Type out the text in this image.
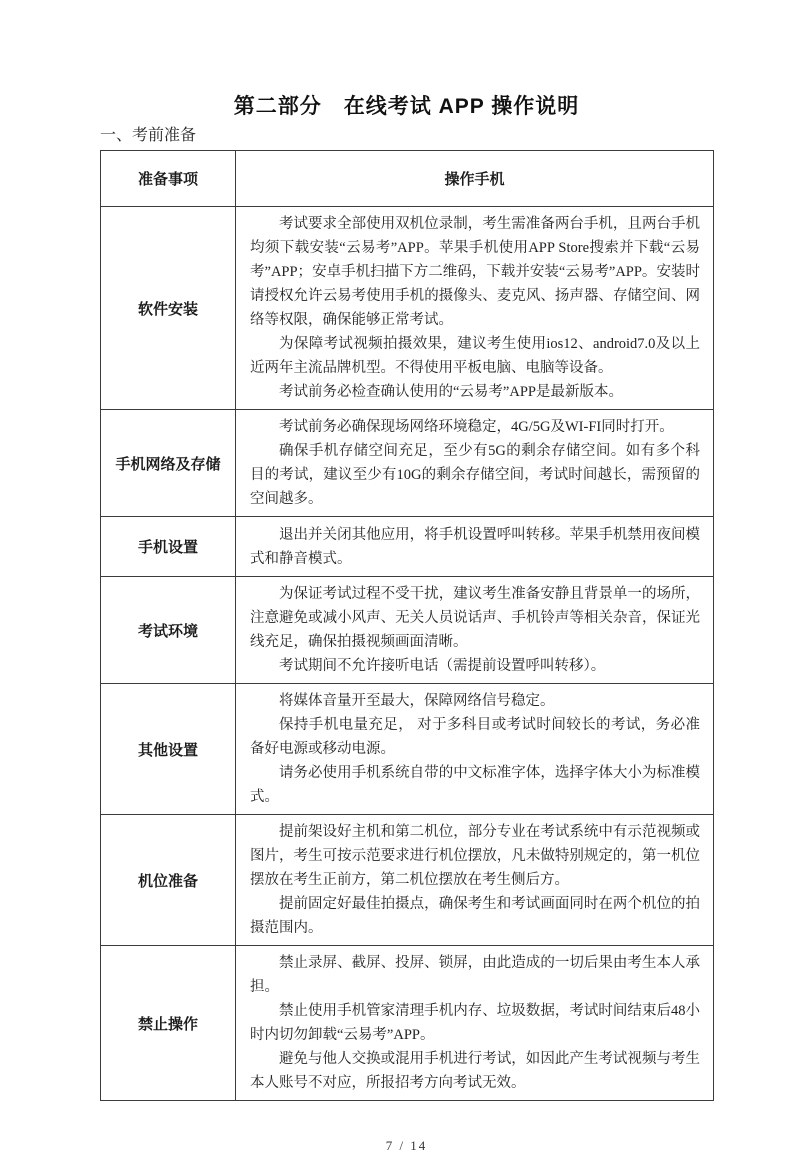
第二部分　在线考试 APP 操作说明
一、考前准备
准备事项	操作手机
软件安装	考试要求全部使用双机位录制，考生需准备两台手机，且两台手机均须下载安装“云易考”APP。苹果手机使用APP Store搜索并下载“云易考”APP；安卓手机扫描下方二维码，下载并安装“云易考”APP。安装时请授权允许云易考使用手机的摄像头、麦克风、扬声器、存储空间、网络等权限，确保能够正常考试。

为保障考试视频拍摄效果，建议考生使用ios12、android7.0及以上近两年主流品牌机型。不得使用平板电脑、电脑等设备。

考试前务必检查确认使用的“云易考”APP是最新版本。

手机网络及存储	考试前务必确保现场网络环境稳定，4G/5G及WI-FI同时打开。

确保手机存储空间充足，至少有5G的剩余存储空间。如有多个科目的考试，建议至少有10G的剩余存储空间，考试时间越长，需预留的空间越多。

手机设置	退出并关闭其他应用，将手机设置呼叫转移。苹果手机禁用夜间模式和静音模式。

考试环境	为保证考试过程不受干扰，建议考生准备安静且背景单一的场所，注意避免或减小风声、无关人员说话声、手机铃声等相关杂音，保证光线充足，确保拍摄视频画面清晰。

考试期间不允许接听电话（需提前设置呼叫转移）。

其他设置	将媒体音量开至最大，保障网络信号稳定。

保持手机电量充足， 对于多科目或考试时间较长的考试，务必准备好电源或移动电源。

请务必使用手机系统自带的中文标准字体，选择字体大小为标准模式。

机位准备	提前架设好主机和第二机位，部分专业在考试系统中有示范视频或图片，考生可按示范要求进行机位摆放，凡未做特别规定的，第一机位摆放在考生正前方，第二机位摆放在考生侧后方。

提前固定好最佳拍摄点，确保考生和考试画面同时在两个机位的拍摄范围内。

禁止操作	禁止录屏、截屏、投屏、锁屏，由此造成的一切后果由考生本人承担。

禁止使用手机管家清理手机内存、垃圾数据，考试时间结束后48小时内切勿卸载“云易考”APP。

避免与他人交换或混用手机进行考试，如因此产生考试视频与考生本人账号不对应，所报招考方向考试无效。

7 / 14
